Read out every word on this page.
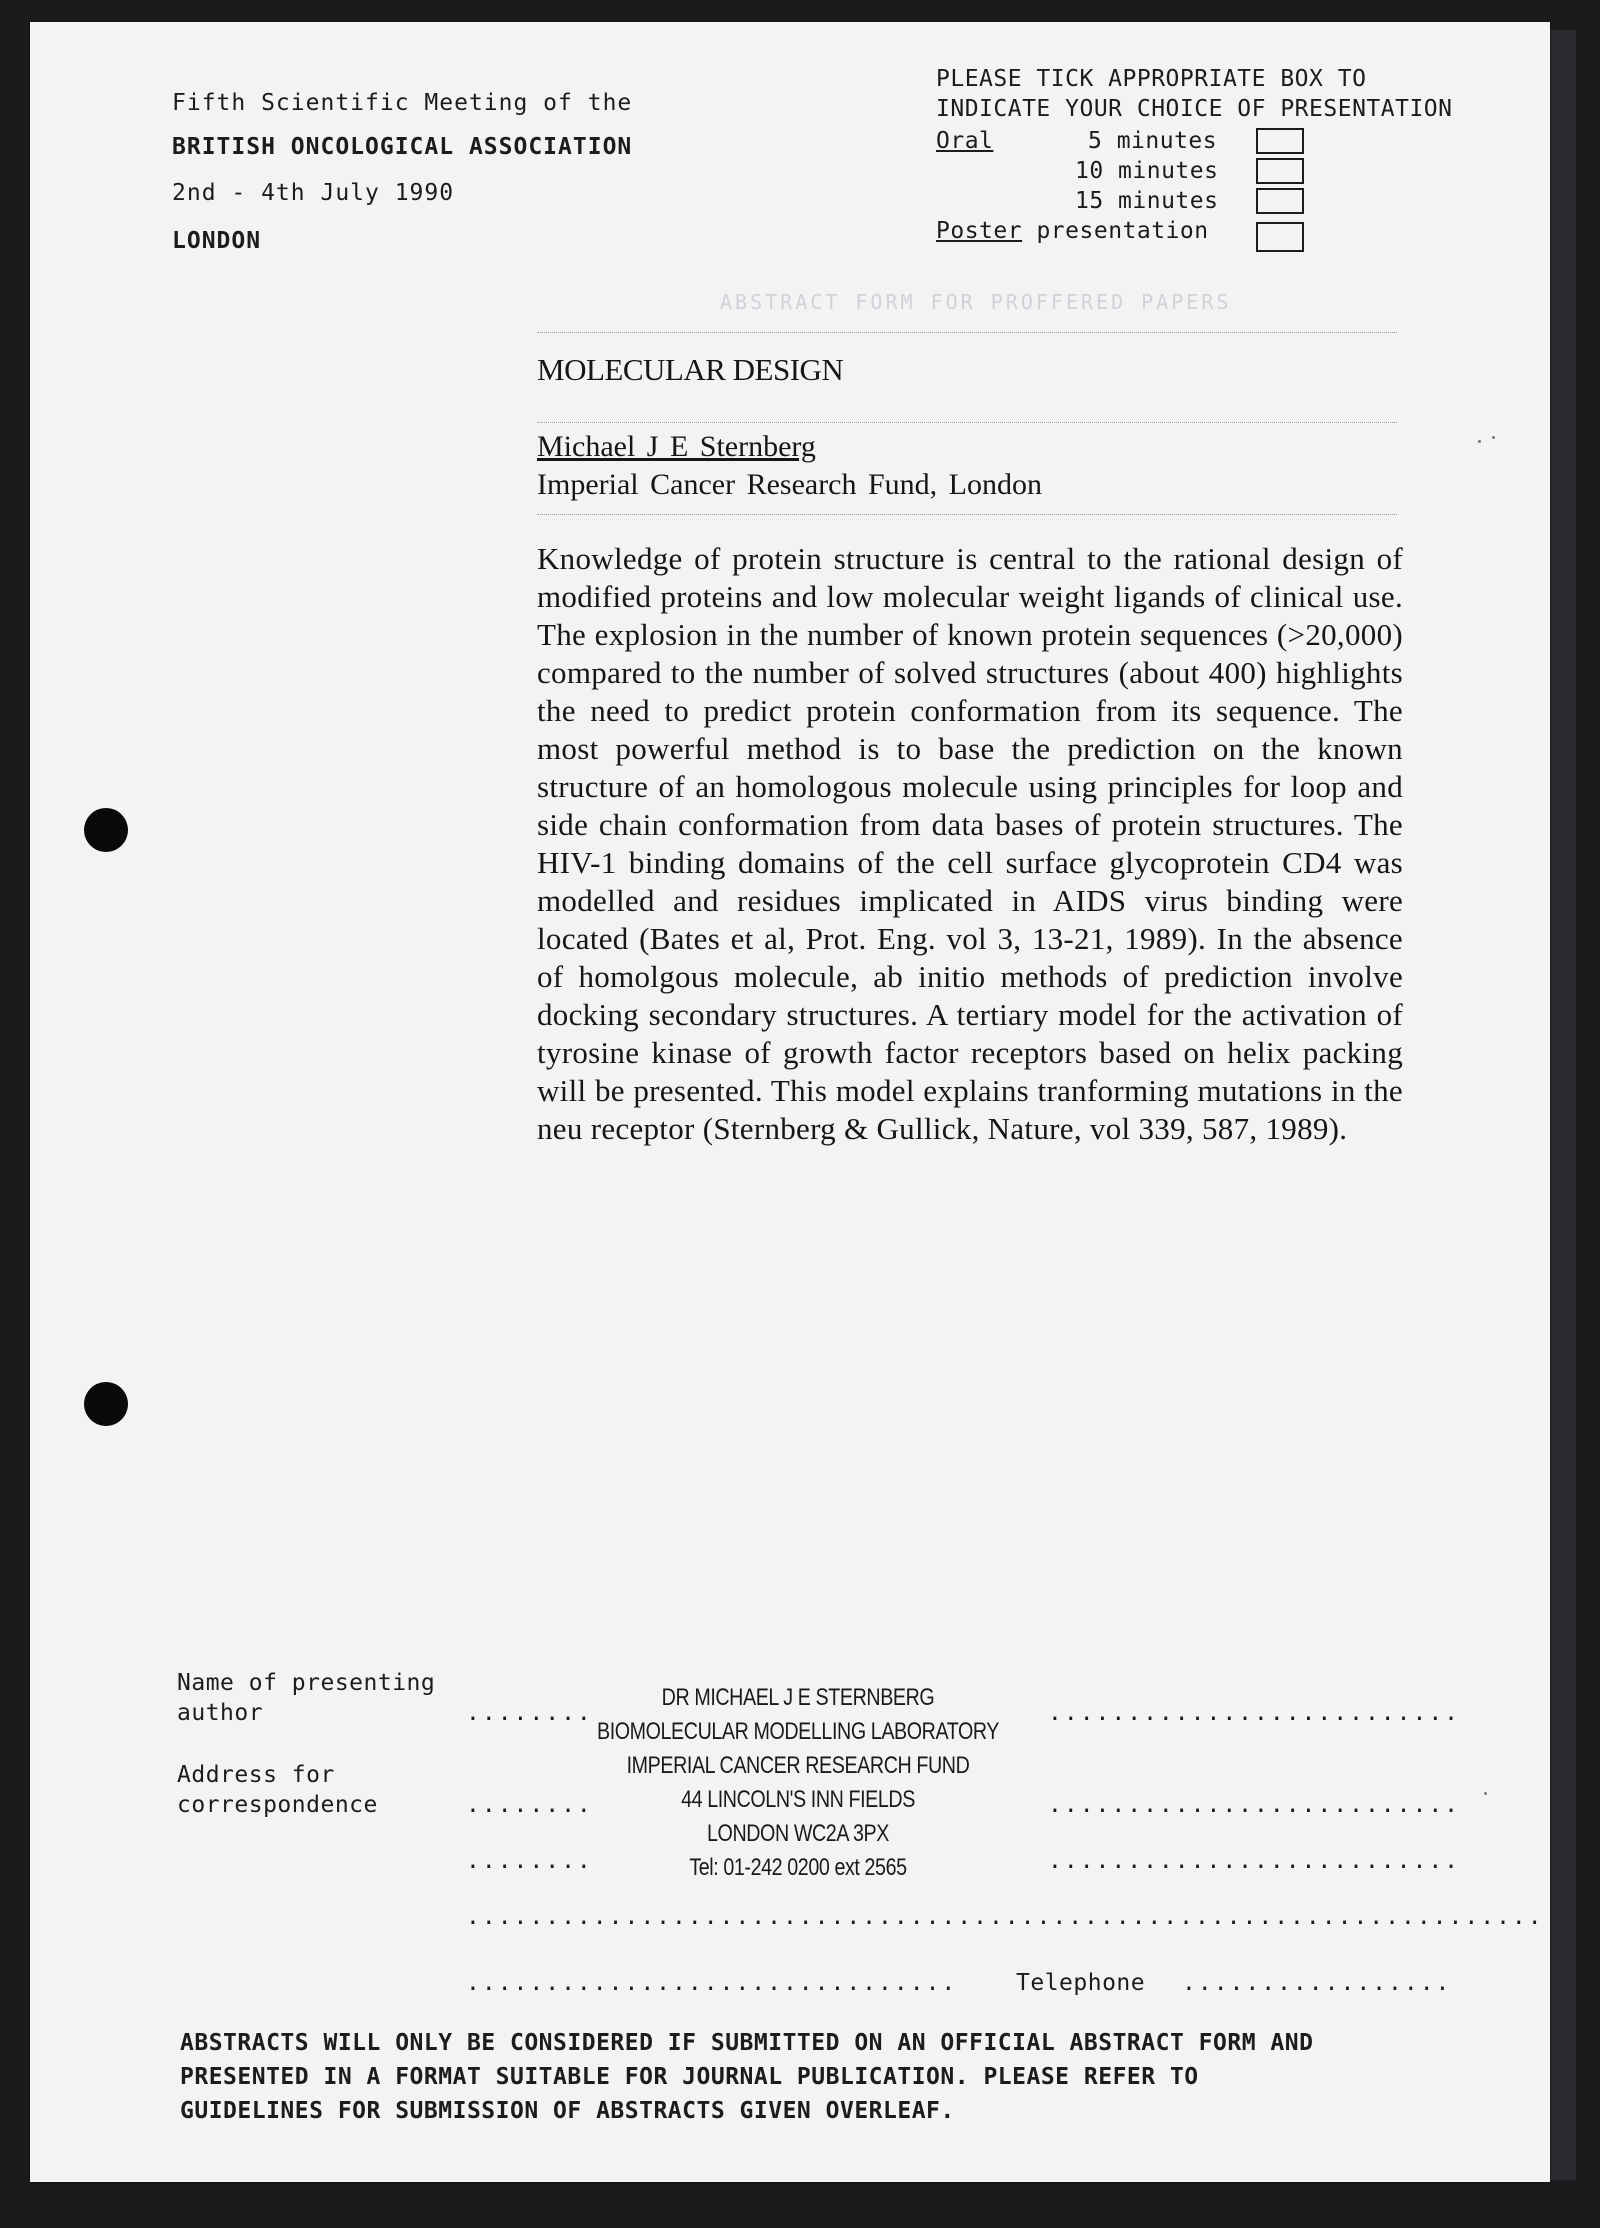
Fifth Scientific Meeting of the
BRITISH ONCOLOGICAL ASSOCIATION
2nd - 4th July 1990
LONDON
PLEASE TICK APPROPRIATE BOX TO
INDICATE YOUR CHOICE OF PRESENTATION
Oral	5 minutes
10 minutes
15 minutes
Poster presentation
ABSTRACT FORM FOR PROFFERED PAPERS
MOLECULAR DESIGN
Michael J E Sternberg
Imperial Cancer Research Fund, London
Knowledge of protein structure is central to the rational design of modified proteins and low molecular weight ligands of clinical use. The explosion in the number of known protein sequences (>20,000) compared to the number of solved structures (about 400) highlights the need to predict protein conformation from its sequence. The most powerful method is to base the prediction on the known structure of an homologous molecule using principles for loop and side chain conformation from data bases of protein structures. The HIV-1 binding domains of the cell surface glycoprotein CD4 was modelled and residues implicated in AIDS virus binding were located (Bates et al, Prot. Eng. vol 3, 13-21, 1989). In the absence of homolgous molecule, ab initio methods of prediction involve docking secondary structures. A tertiary model for the activation of tyrosine kinase of growth factor receptors based on helix packing will be presented. This model explains tranforming mutations in the neu receptor (Sternberg & Gullick, Nature, vol 339, 587, 1989).
Name of presenting
author	........	..........................
Address for
correspondence	........	..........................
........	..........................
....................................................................
...............................	Telephone .................
DR MICHAEL J E STERNBERG
BIOMOLECULAR MODELLING LABORATORY
IMPERIAL CANCER RESEARCH FUND
44 LINCOLN'S INN FIELDS
LONDON WC2A 3PX
Tel: 01-242 0200 ext 2565
ABSTRACTS WILL ONLY BE CONSIDERED IF SUBMITTED ON AN OFFICIAL ABSTRACT FORM AND
PRESENTED IN A FORMAT SUITABLE FOR JOURNAL PUBLICATION. PLEASE REFER TO
GUIDELINES FOR SUBMISSION OF ABSTRACTS GIVEN OVERLEAF.
